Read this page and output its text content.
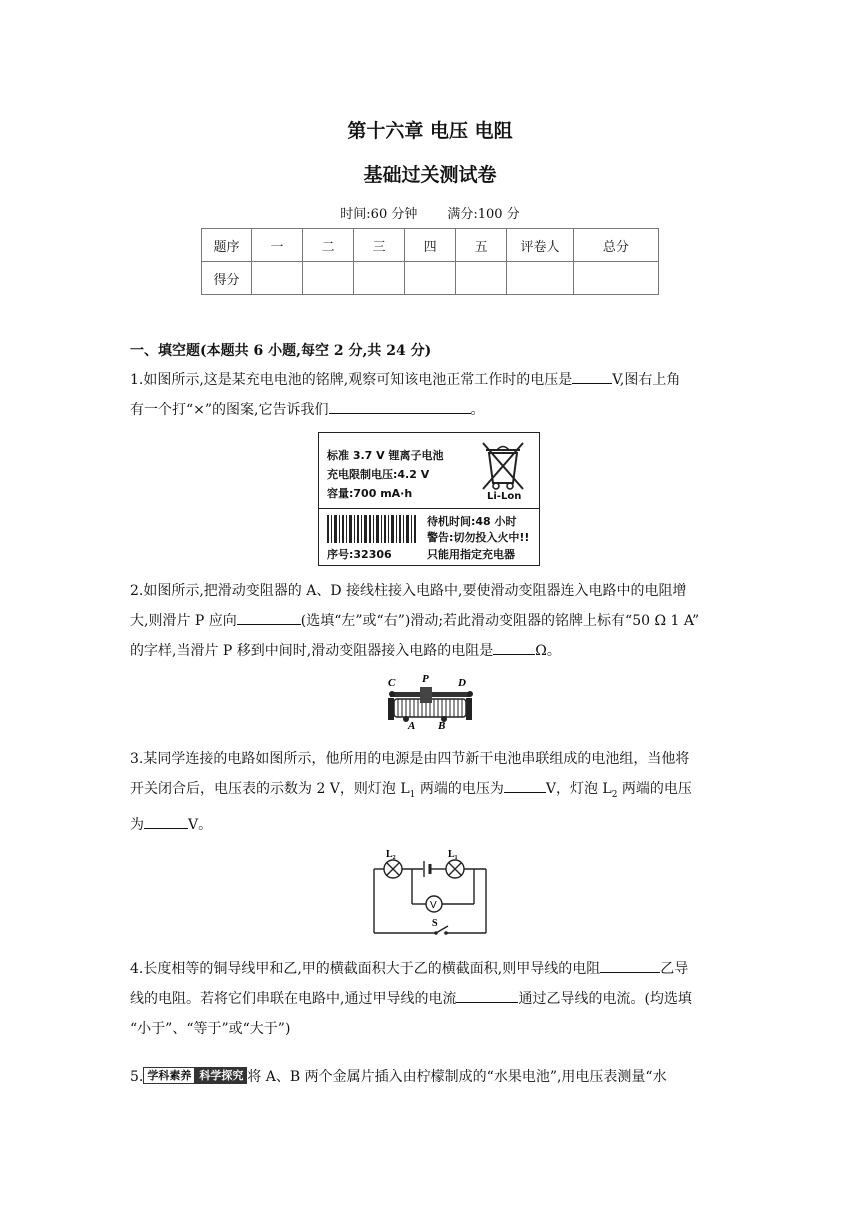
第十六章 电压 电阻
基础过关测试卷
时间:60 分钟 满分:100 分
题序	一	二	三	四	五	评卷人	总分
得分							
一、填空题(本题共 6 小题,每空 2 分,共 24 分)
1.如图所示,这是某充电电池的铭牌,观察可知该电池正常工作时的电压是	V,图右上角
有一个打“×”的图案,它告诉我们	。
标准 3.7 V 锂离子电池
充电限制电压:4.2 V
容量:700 mA·h	Li-Lon
序号:32306
待机时间:48 小时
警告:切勿投入火中!!
只能用指定充电器
2.如图所示,把滑动变阻器的 A、D 接线柱接入电路中,要使滑动变阻器连入电路中的电阻增
大,则滑片 P 应向	(选填“左”或“右”)滑动;若此滑动变阻器的铭牌上标有“50 Ω 1 A”
的字样,当滑片 P 移到中间时,滑动变阻器接入电路的电阻是	Ω。
C P	D
A B
3.某同学连接的电路如图所示，他所用的电源是由四节新干电池串联组成的电池组，当他将
开关闭合后，电压表的示数为 2 V，则灯泡 $L_1$ 两端的电压为	V，灯泡 $L_2$ 两端的电压
为	V。
V
L₂	L₁
S
4.长度相等的铜导线甲和乙,甲的横截面积大于乙的横截面积,则甲导线的电阻	乙导
线的电阻。若将它们串联在电路中,通过甲导线的电流	通过乙导线的电流。(均选填
“小于”、“等于”或“大于”)
5. 学科素养 科学探究 将 A、B 两个金属片插入由柠檬制成的“水果电池”,用电压表测量“水
